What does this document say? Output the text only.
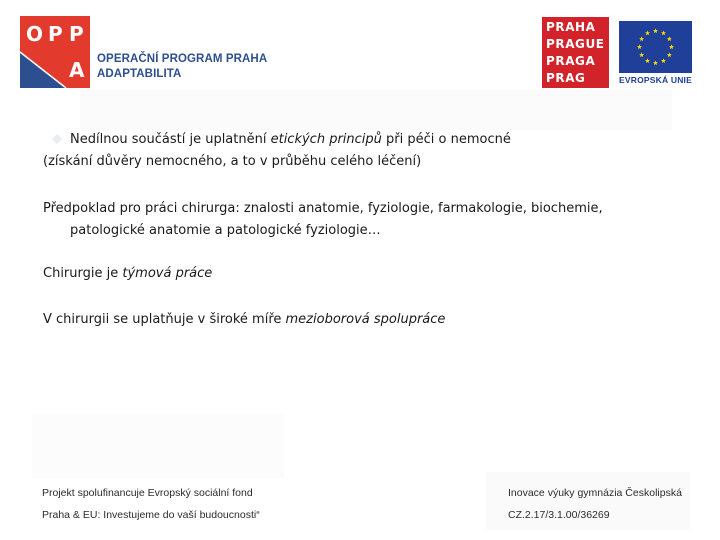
O P P
A OPERAČNÍ PROGRAM PRAHA
ADAPTABILITA
PRAHA
PRAGUE
PRAGA
PRAG	EVROPSKÁ UNIE
Nedílnou součástí je uplatnění etických principů při péči o nemocné
(získání důvěry nemocného, a to v průběhu celého léčení)
Předpoklad pro práci chirurga: znalosti anatomie, fyziologie, farmakologie, biochemie,
patologické anatomie a patologické fyziologie…
Chirurgie je týmová práce
V chirurgii se uplatňuje v široké míře mezioborová spolupráce
Projekt spolufinancuje Evropský sociální fond
Praha & EU: Investujeme do vaší budoucnosti“
Inovace výuky gymnázia Českolipská
CZ.2.17/3.1.00/36269
